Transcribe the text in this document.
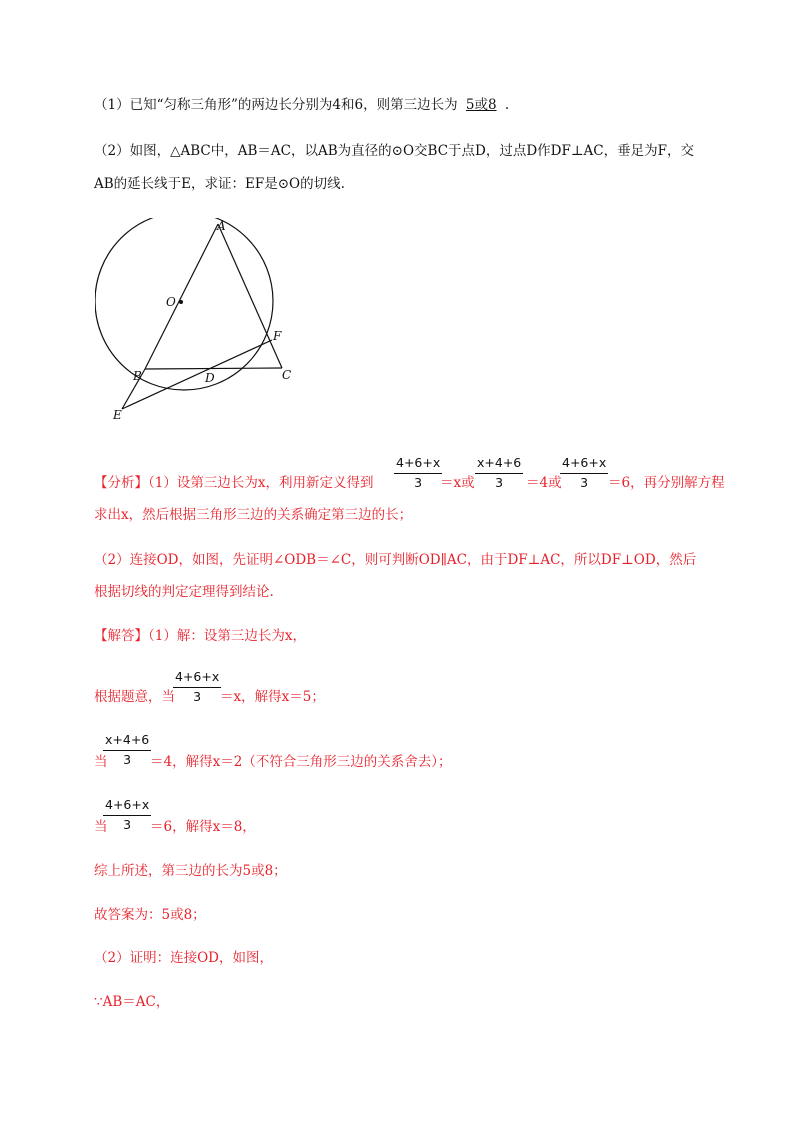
（1）已知“匀称三角形”的两边长分别为4和6，则第三边长为 5或8 .
（2）如图，△ABC中，AB＝AC，以AB为直径的⊙O交BC于点D，过点D作DF⊥AC，垂足为F，交
AB的延长线于E，求证：EF是⊙O的切线.
A
O
F
B	D	C
E
$\frac{4+6+x}{3}$	$\frac{x+4+6}{3}$	$\frac{4+6+x}{3}$
【分析】（1）设第三边长为x，利用新定义得到	＝x或	＝4或	＝6，再分别解方程
求出x，然后根据三角形三边的关系确定第三边的长；
（2）连接OD，如图，先证明∠ODB＝∠C，则可判断OD∥AC，由于DF⊥AC，所以DF⊥OD，然后
根据切线的判定定理得到结论.
【解答】（1）解：设第三边长为x，
$\frac{4+6+x}{3}$
根据题意，当	＝x，解得x＝5；
$\frac{x+4+6}{3}$
当	＝4，解得x＝2（不符合三角形三边的关系舍去）；
$\frac{4+6+x}{3}$
当	＝6，解得x＝8，
综上所述，第三边的长为5或8；
故答案为：5或8；
（2）证明：连接OD，如图，
∵AB＝AC，
